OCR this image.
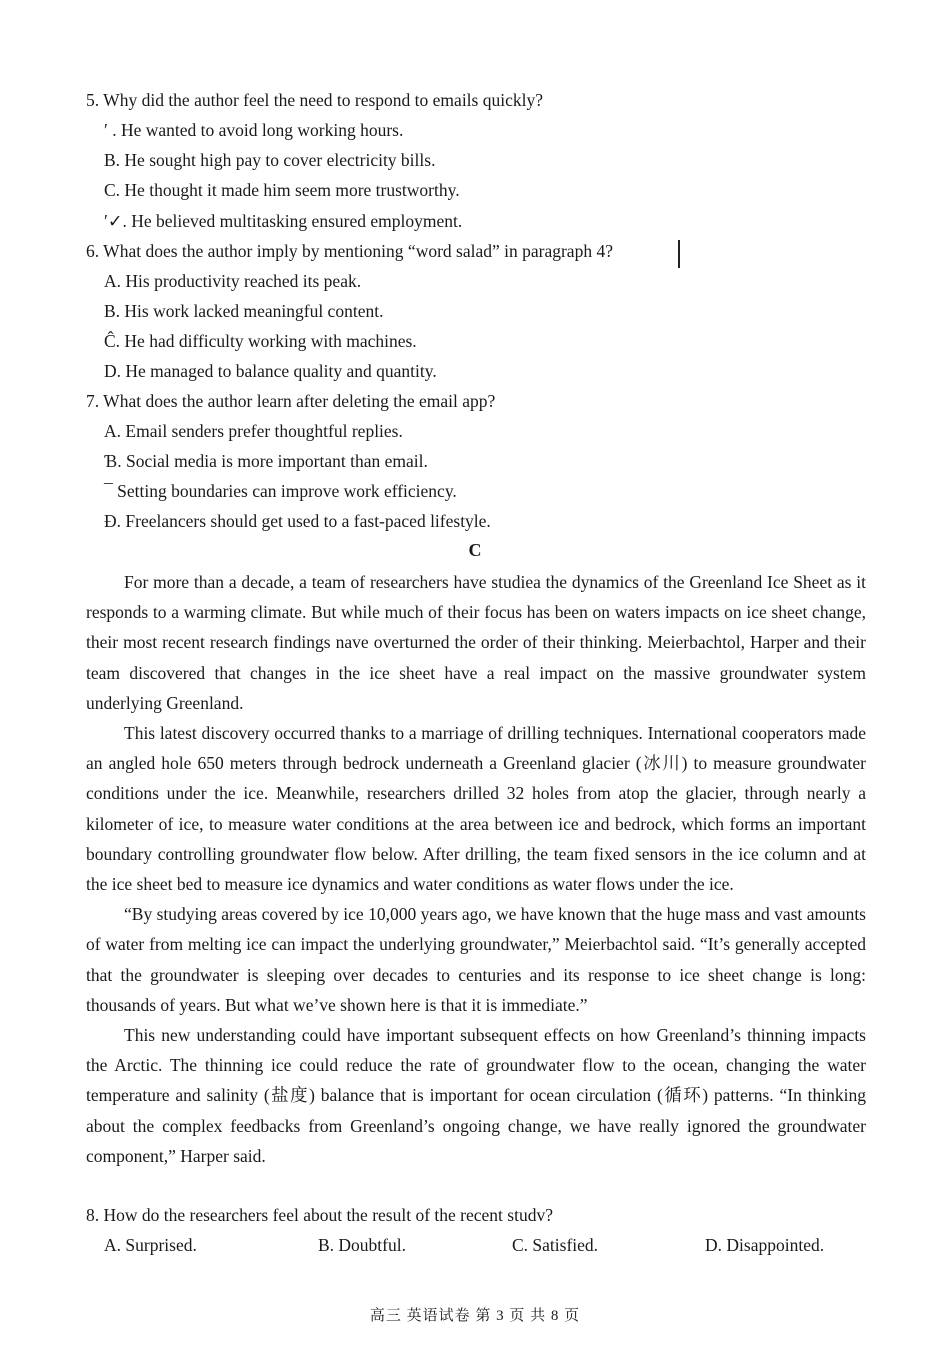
5. Why did the author feel the need to respond to emails quickly?
′ . He wanted to avoid long working hours.
B. He sought high pay to cover electricity bills.
C. He thought it made him seem more trustworthy.
′✓. He believed multitasking ensured employment.
6. What does the author imply by mentioning “word salad” in paragraph 4?
A. His productivity reached its peak.
B. His work lacked meaningful content.
Ĉ. He had difficulty working with machines.
D. He managed to balance quality and quantity.
7. What does the author learn after deleting the email app?
A. Email senders prefer thoughtful replies.
Ɓ. Social media is more important than email.
¯ Setting boundaries can improve work efficiency.
Đ. Freelancers should get used to a fast-paced lifestyle.
C

For more than a decade, a team of researchers have studiea the dynamics of the Greenland Ice Sheet as it responds to a warming climate. But while much of their focus has been on waters impacts on ice sheet change, their most recent research findings nave overturned the order of their thinking. Meierbachtol, Harper and their team discovered that changes in the ice sheet have a real impact on the massive groundwater system underlying Greenland.

This latest discovery occurred thanks to a marriage of drilling techniques. International cooperators made an angled hole 650 meters through bedrock underneath a Greenland glacier (冰川) to measure groundwater conditions under the ice. Meanwhile, researchers drilled 32 holes from atop the glacier, through nearly a kilometer of ice, to measure water conditions at the area between ice and bedrock, which forms an important boundary controlling groundwater flow below. After drilling, the team fixed sensors in the ice column and at the ice sheet bed to measure ice dynamics and water conditions as water flows under the ice.

“By studying areas covered by ice 10,000 years ago, we have known that the huge mass and vast amounts of water from melting ice can impact the underlying groundwater,” Meierbachtol said. “It’s generally accepted that the groundwater is sleeping over decades to centuries and its response to ice sheet change is long: thousands of years. But what we’ve shown here is that it is immediate.”

This new understanding could have important subsequent effects on how Greenland’s thinning impacts the Arctic. The thinning ice could reduce the rate of groundwater flow to the ocean, changing the water temperature and salinity (盐度) balance that is important for ocean circulation (循环) patterns. “In thinking about the complex feedbacks from Greenland’s ongoing change, we have really ignored the groundwater component,” Harper said.

8. How do the researchers feel about the result of the recent studv?
A. Surprised.	B. Doubtful.	C. Satisfied.	D. Disappointed.
高三 英语试卷 第 3 页 共 8 页
